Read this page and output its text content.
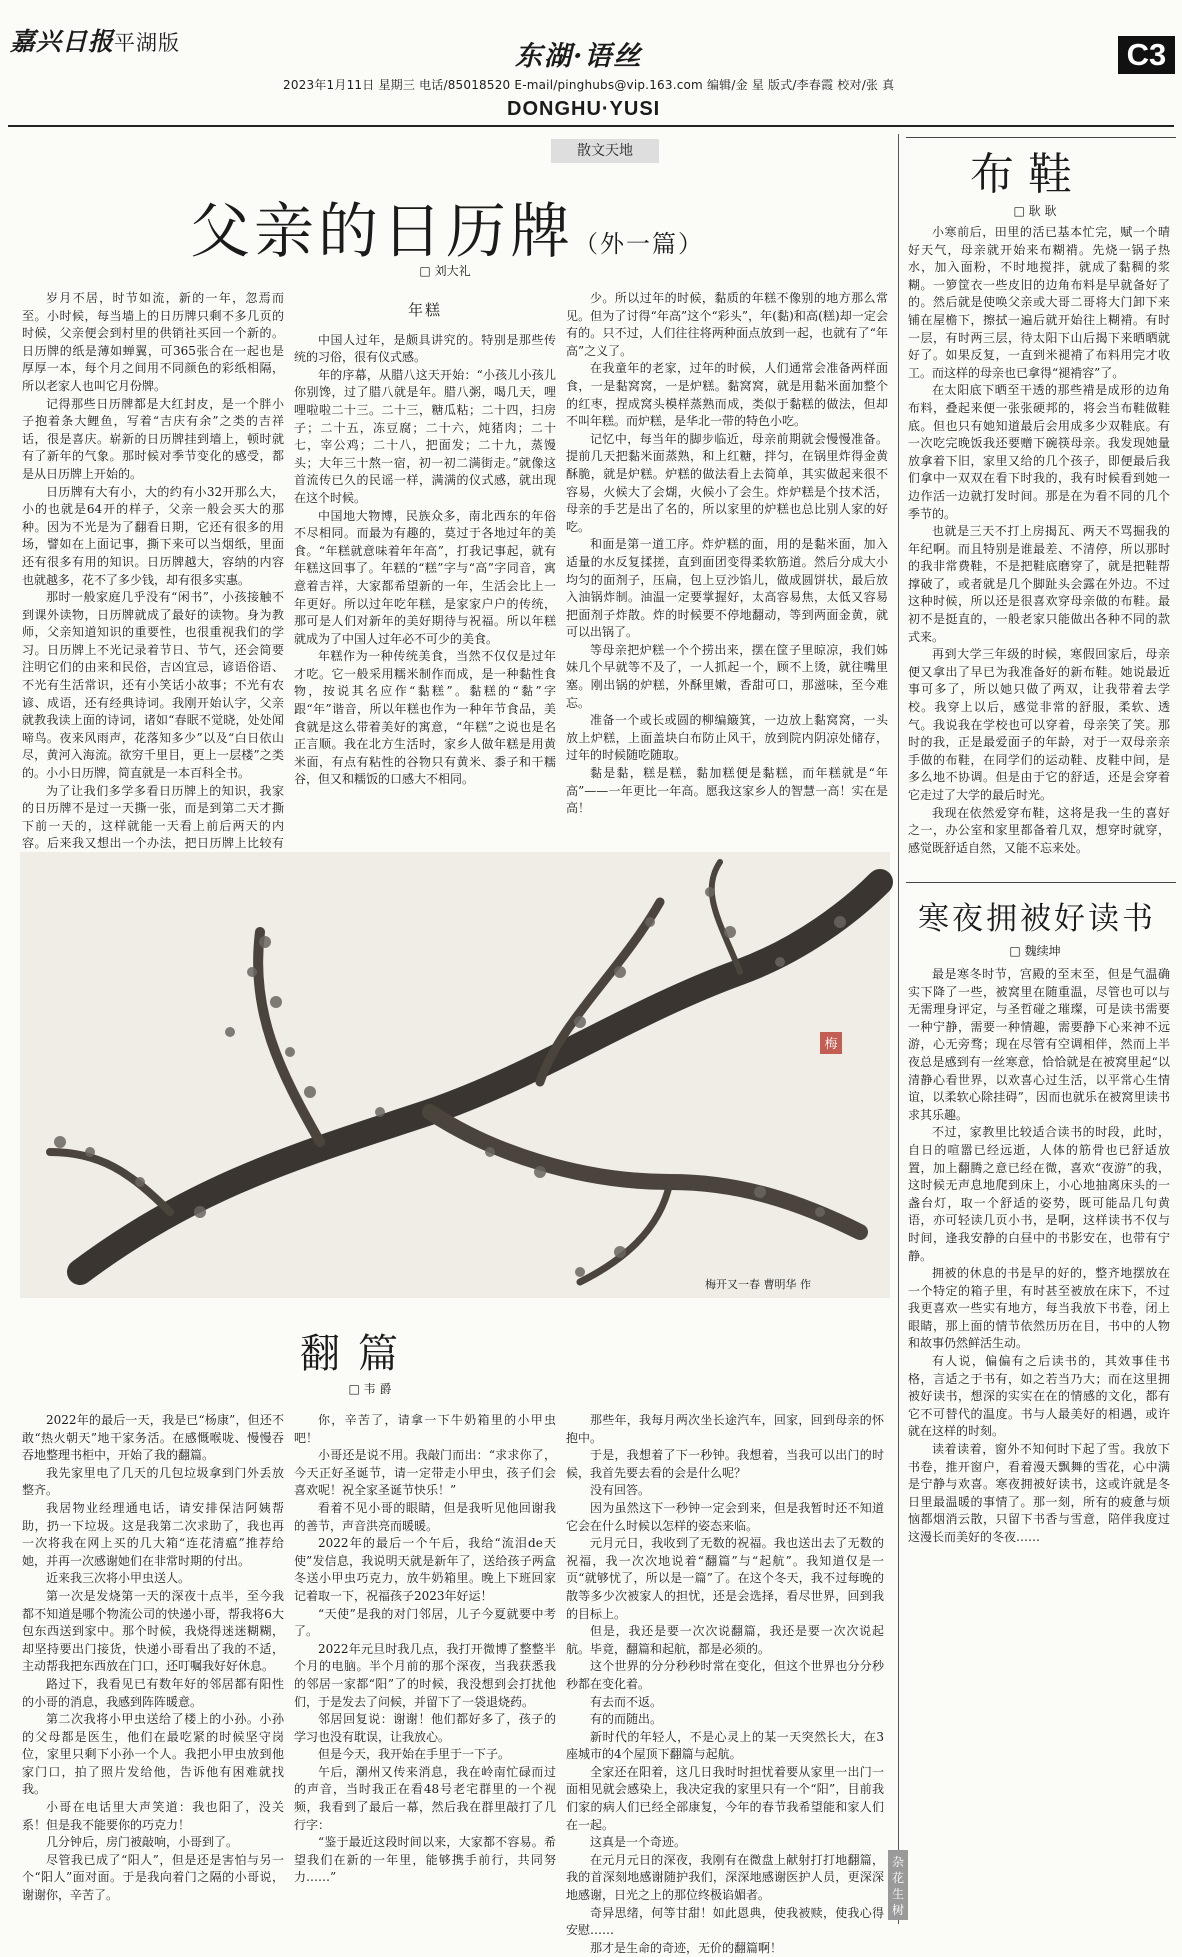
嘉兴日报平湖版	东湖·语丝
2023年1月11日 星期三 电话/85018520 E-mail/pinghubs@vip.163.com 编辑/金 星 版式/李春霞 校对/张 真
DONGHU·YUSI
C3
散文天地
父亲的日历牌（外一篇）
□ 刘大礼

岁月不居，时节如流，新的一年，忽焉而至。小时候，每当墙上的日历牌只剩不多几页的时候，父亲便会到村里的供销社买回一个新的。日历牌的纸是薄如蝉翼，可365张合在一起也是厚厚一本，每个月之间用不同颜色的彩纸相隔，所以老家人也叫它月份牌。

记得那些日历牌都是大红封皮，是一个胖小子抱着条大鲤鱼，写着“吉庆有余”之类的吉祥话，很是喜庆。崭新的日历牌挂到墙上，顿时就有了新年的气象。那时候对季节变化的感受，都是从日历牌上开始的。

日历牌有大有小，大的约有小32开那么大，小的也就是64开的样子，父亲一般会买大的那种。因为不光是为了翻看日期，它还有很多的用场，譬如在上面记事，撕下来可以当烟纸，里面还有很多有用的知识。日历牌越大，容纳的内容也就越多，花不了多少钱，却有很多实惠。

那时一般家庭几乎没有“闲书”，小孩接触不到课外读物，日历牌就成了最好的读物。身为教师，父亲知道知识的重要性，也很重视我们的学习。日历牌上不光记录着节日、节气，还会简要注明它们的由来和民俗，吉凶宜忌，谚语俗语、不光有生活常识，还有小笑话小故事；不光有农谚、成语，还有经典诗词。我刚开始认字，父亲就教我读上面的诗词，诸如“春眠不觉晓，处处闻啼鸟。夜来风雨声，花落知多少”以及“白日依山尽，黄河入海流。欲穷千里目，更上一层楼”之类的。小小日历牌，简直就是一本百科全书。

为了让我们多学多看日历牌上的知识，我家的日历牌不是过一天撕一张，而是到第二天才撕下前一天的，这样就能一天看上前后两天的内容。后来我又想出一个办法，把日历牌上比较有

年糕

中国人过年，是颇具讲究的。特别是那些传统的习俗，很有仪式感。

年的序幕，从腊八这天开始：“小孩儿小孩儿你别馋，过了腊八就是年。腊八粥，喝几天，哩哩啦啦二十三。二十三，糖瓜粘；二十四，扫房子；二十五，冻豆腐；二十六，炖猪肉；二十七，宰公鸡；二十八，把面发；二十九，蒸馒头；大年三十熬一宿，初一初二满街走。”就像这首流传已久的民谣一样，满满的仪式感，就出现在这个时候。

中国地大物博，民族众多，南北西东的年俗不尽相同。而最为有趣的，莫过于各地过年的美食。“年糕就意味着年年高”，打我记事起，就有年糕这回事了。年糕的“糕”字与“高”字同音，寓意着吉祥，大家都希望新的一年，生活会比上一年更好。所以过年吃年糕，是家家户户的传统，那可是人们对新年的美好期待与祝福。所以年糕就成为了中国人过年必不可少的美食。

年糕作为一种传统美食，当然不仅仅是过年才吃。它一般采用糯米制作而成，是一种黏性食物，按说其名应作“黏糕”。黏糕的“黏”字跟“年”谐音，所以年糕也作为一种年节食品，美食就是这么带着美好的寓意，“年糕”之说也是名正言顺。我在北方生活时，家乡人做年糕是用黄米面，有点有粘性的谷物只有黄米、黍子和干糯谷，但又和糯饭的口感大不相同。

少。所以过年的时候，黏质的年糕不像别的地方那么常见。但为了讨得“年高”这个“彩头”，年(黏)和高(糕)却一定会有的。只不过，人们往往将两种面点放到一起，也就有了“年高”之义了。

在我童年的老家，过年的时候，人们通常会准备两样面食，一是黏窝窝，一是炉糕。黏窝窝，就是用黏米面加整个的红枣，捏成窝头模样蒸熟而成，类似于黏糕的做法，但却不叫年糕。而炉糕，是华北一带的特色小吃。

记忆中，每当年的脚步临近，母亲前期就会慢慢准备。提前几天把黏米面蒸熟，和上红糖，拌匀，在锅里炸得金黄酥脆，就是炉糕。炉糕的做法看上去简单，其实做起来很不容易，火候大了会煳，火候小了会生。炸炉糕是个技术活，母亲的手艺是出了名的，所以家里的炉糕也总比别人家的好吃。

和面是第一道工序。炸炉糕的面，用的是黏米面，加入适量的水反复揉搓，直到面团变得柔软筋道。然后分成大小均匀的面剂子，压扁，包上豆沙馅儿，做成圆饼状，最后放入油锅炸制。油温一定要掌握好，太高容易焦，太低又容易把面剂子炸散。炸的时候要不停地翻动，等到两面金黄，就可以出锅了。

等母亲把炉糕一个个捞出来，摆在筐子里晾凉，我们姊妹几个早就等不及了，一人抓起一个，顾不上烫，就往嘴里塞。刚出锅的炉糕，外酥里嫩，香甜可口，那滋味，至今难忘。

准备一个或长或圆的柳编簸箕，一边放上黏窝窝，一头放上炉糕，上面盖块白布防止风干，放到院内阴凉处储存，过年的时候随吃随取。

黏是黏，糕是糕，黏加糕便是黏糕，而年糕就是“年高”——一年更比一年高。愿我这家乡人的智慧一高！实在是高！

梅
梅开又一春 曹明华 作
翻篇
□ 韦 爵

2022年的最后一天，我是已“杨康”，但还不敢“热火朝天”地干家务活。在感慨喉咙、慢慢吞吞地整理书柜中，开始了我的翻篇。

我先家里电了几天的几包垃圾拿到门外丢放整齐。

我居物业经理通电话，请安排保洁阿姨帮助，扔一下垃圾。这是我第二次求助了，我也再一次将我在网上买的几大箱“连花清瘟”推荐给她，并再一次感谢她们在非常时期的付出。

近来我三次将小甲虫送人。

第一次是发烧第一天的深夜十点半，至今我都不知道是哪个物流公司的快递小哥，帮我将6大包东西送到家中。那个时候，我烧得迷迷糊糊，却坚持要出门接货，快递小哥看出了我的不适，主动帮我把东西放在门口，还叮嘱我好好休息。

路过下，我看见已有数年好的邻居都有阳性的小哥的消息，我感到阵阵暖意。

第二次我将小甲虫送给了楼上的小孙。小孙的父母都是医生，他们在最吃紧的时候坚守岗位，家里只剩下小孙一个人。我把小甲虫放到他家门口，拍了照片发给他，告诉他有困难就找我。

小哥在电话里大声笑道：我也阳了，没关系！但是我不能要你的巧克力！

几分钟后，房门被敲响，小哥到了。

尽管我已成了“阳人”，但是还是害怕与另一个“阳人”面对面。于是我向着门之隔的小哥说，谢谢你，辛苦了。

你，辛苦了，请拿一下牛奶箱里的小甲虫吧！

小哥还是说不用。我敲门而出：“求求你了，今天正好圣诞节，请一定带走小甲虫，孩子们会喜欢呢！祝全家圣诞节快乐！”

看着不见小哥的眼睛，但是我听见他回谢我的善节，声音洪亮而暖暖。

2022年的最后一个午后，我给“流泪de天使”发信息，我说明天就是新年了，送给孩子两盒冬送小甲虫巧克力，放牛奶箱里。晚上下班回家记着取一下，祝福孩子2023年好运！

“天使”是我的对门邻居，儿子今夏就要中考了。

2022年元旦时我几点，我打开微博了整整半个月的电脑。半个月前的那个深夜，当我获悉我的邻居一家都“阳”了的时候，我没想到会打扰他们，于是发去了问候，并留下了一袋退烧药。

邻居回复说：谢谢！他们都好多了，孩子的学习也没有耽误，让我放心。

但是今天，我开始在手里于一下子。

午后，潮州又传来消息，我在岭南忙碌而过的声音，当时我正在看48号老宅群里的一个视频，我看到了最后一幕，然后我在群里敲打了几行字：

“鉴于最近这段时间以来，大家都不容易。希望我们在新的一年里，能够携手前行，共同努力……”

那些年，我每月两次坐长途汽车，回家，回到母亲的怀抱中。

于是，我想着了下一秒钟。我想着，当我可以出门的时候，我首先要去看的会是什么呢？

没有回答。

因为虽然这下一秒钟一定会到来，但是我暂时还不知道它会在什么时候以怎样的姿态来临。

元月元日，我收到了无数的祝福。我也送出去了无数的祝福，我一次次地说着“翻篇”与“起航”。我知道仅是一页“就够忧了，所以是一篇”了。在这个冬天，我不过每晚的散等多少次被家人的担忧，还是会选择，看尽世界，回到我的目标上。

但是，我还是要一次次说翻篇，我还是要一次次说起航。毕竟，翻篇和起航，都是必须的。

这个世界的分分秒秒时常在变化，但这个世界也分分秒秒都在变化着。

有去而不返。

有的而随出。

新时代的年轻人，不是心灵上的某一天突然长大，在3座城市的4个屋顶下翻篇与起航。

全家还在阳着，这几日我时时担忧着要从家里一出门一面相见就会感染上，我决定我的家里只有一个“阳”，目前我们家的病人们已经全部康复，今年的春节我希望能和家人们在一起。

这真是一个奇迹。

在元月元日的深夜，我刚有在微盘上献射打打地翻篇，我的首深刻地感谢随护我们，深深地感谢医护人员，更深深地感谢，日光之上的那位终极谄媚者。

奇异思绪，何等甘甜！如此恩典，使我被赎，使我心得安慰……

那才是生命的奇迹，无价的翻篇啊！

布鞋
□ 耿 耿

小寒前后，田里的活已基本忙完，赋一个晴好天气，母亲就开始来布糊褙。先烧一锅子热水，加入面粉，不时地搅拌，就成了黏稠的浆糊。一箩筐衣一些皮旧的边角布料是早就备好了的。然后就是使唤父亲或大哥二哥将大门卸下来铺在屋檐下，擦拭一遍后就开始往上糊褙。有时一层，有时两三层，待太阳下山后揭下来晒晒就好了。如果反复，一直到米褪褙了布料用完才收工。而这样的母亲也已拿得“褪褙容”了。

在太阳底下晒至干透的那些褙是成形的边角布料，叠起来便一张张硬邦的，将会当布鞋做鞋底。但也只有她知道最后会用成多少双鞋底。有一次吃完晚饭我还要赠下碗筷母亲。我发现她量放拿着下旧，家里又给的几个孩子，即便最后我们拿中一双双在看下时我的，我有时候看到她一边作活一边就打发时间。那是在为看不同的几个季节的。

也就是三天不打上房揭瓦、两天不骂掘我的年纪啊。而且特别是谁最差、不清停，所以那时的我非常费鞋，不是把鞋底磨穿了，就是把鞋帮撑破了，或者就是几个脚趾头会露在外边。不过这种时候，所以还是很喜欢穿母亲做的布鞋。最初不是挺直的，一般老家只能做出各种不同的款式来。

再到大学三年级的时候，寒假回家后，母亲便又拿出了早已为我准备好的新布鞋。她说最近事可多了，所以她只做了两双，让我带着去学校。我穿上以后，感觉非常的舒服，柔软、透气。我说我在学校也可以穿着，母亲笑了笑。那时的我，正是最爱面子的年龄，对于一双母亲亲手做的布鞋，在同学们的运动鞋、皮鞋中间，是多么地不协调。但是由于它的舒适，还是会穿着它走过了大学的最后时光。

我现在依然爱穿布鞋，这将是我一生的喜好之一，办公室和家里都备着几双，想穿时就穿，感觉既舒适自然，又能不忘来处。

寒夜拥被好读书
□ 魏续坤

最是寒冬时节，宫殿的至末至，但是气温确实下降了一些，被窝里在随重温，尽管也可以与无需理身评定，与圣哲碰之璀璨，可是读书需要一种宁静，需要一种情趣，需要静下心来神不远游，心无旁骛；现在尽管有空调相伴，然而上半夜总是感到有一丝寒意，恰恰就是在被窝里起“以清静心看世界，以欢喜心过生活，以平常心生情谊，以柔软心除挂碍”，因而也就乐在被窝里读书求其乐趣。

不过，家教里比较适合读书的时段，此时，自日的喧嚣已经远逝，人体的筋骨也已舒适放置，加上翻腾之意已经在微，喜欢“夜游”的我，这时候无声息地爬到床上，小心地抽离床头的一盏台灯，取一个舒适的姿势，既可能品几句黄语，亦可轻读几页小书，是啊，这样读书不仅与时间，逢我安静的白昼中的书影安在，也带有宁静。

拥被的休息的书是早的好的，整齐地摆放在一个特定的箱子里，有时甚至被放在床下，不过我更喜欢一些实有地方，每当我放下书卷，闭上眼睛，那上面的情节依然历历在目，书中的人物和故事仍然鲜活生动。

有人说，偏偏有之后读书的，其效事佳书格，言适之于书有，如之若当乃大；而在这里拥被好读书，想深的实实在在的情感的文化，都有它不可替代的温度。书与人最美好的相遇，或许就在这样的时刻。

读着读着，窗外不知何时下起了雪。我放下书卷，推开窗户，看着漫天飘舞的雪花，心中满是宁静与欢喜。寒夜拥被好读书，这或许就是冬日里最温暖的事情了。那一刻，所有的疲惫与烦恼都烟消云散，只留下书香与雪意，陪伴我度过这漫长而美好的冬夜……

杂花生树
